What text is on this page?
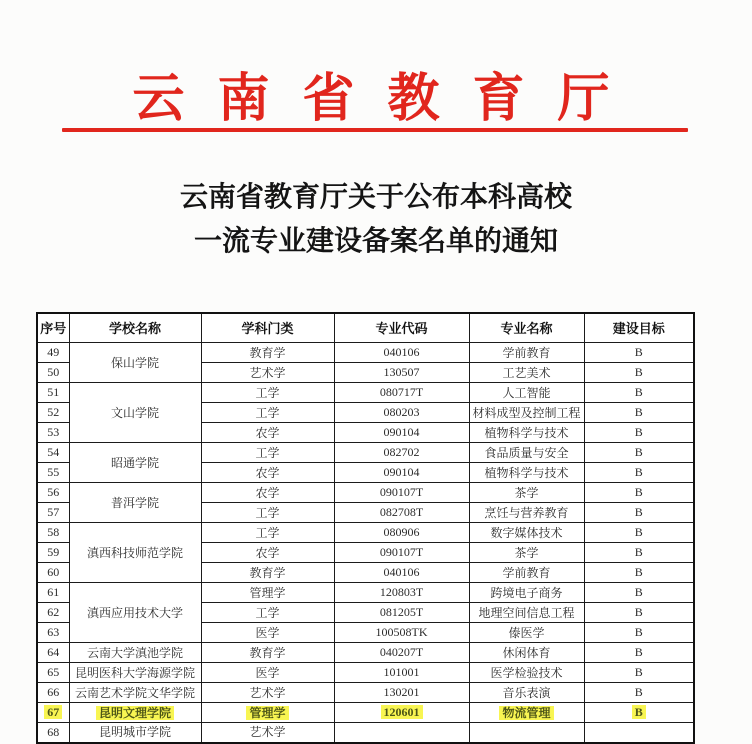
云 南 省 教 育 厅
云南省教育厅关于公布本科高校
一流专业建设备案名单的通知
序号	学校名称	学科门类	专业代码	专业名称	建设目标
49	保山学院	教育学	040106	学前教育	B
50		艺术学	130507	工艺美术	B
51	文山学院	工学	080717T	人工智能	B
52		工学	080203	材料成型及控制工程	B
53		农学	090104	植物科学与技术	B
54	昭通学院	工学	082702	食品质量与安全	B
55		农学	090104	植物科学与技术	B
56	普洱学院	农学	090107T	茶学	B
57		工学	082708T	烹饪与营养教育	B
58	滇西科技师范学院	工学	080906	数字媒体技术	B
59		农学	090107T	茶学	B
60		教育学	040106	学前教育	B
61	滇西应用技术大学	管理学	120803T	跨境电子商务	B
62		工学	081205T	地理空间信息工程	B
63		医学	100508TK	傣医学	B
64	云南大学滇池学院	教育学	040207T	休闲体育	B
65	昆明医科大学海源学院	医学	101001	医学检验技术	B
66	云南艺术学院文华学院	艺术学	130201	音乐表演	B
67	昆明文理学院	管理学	120601	物流管理	B
68	昆明城市学院	艺术学			
